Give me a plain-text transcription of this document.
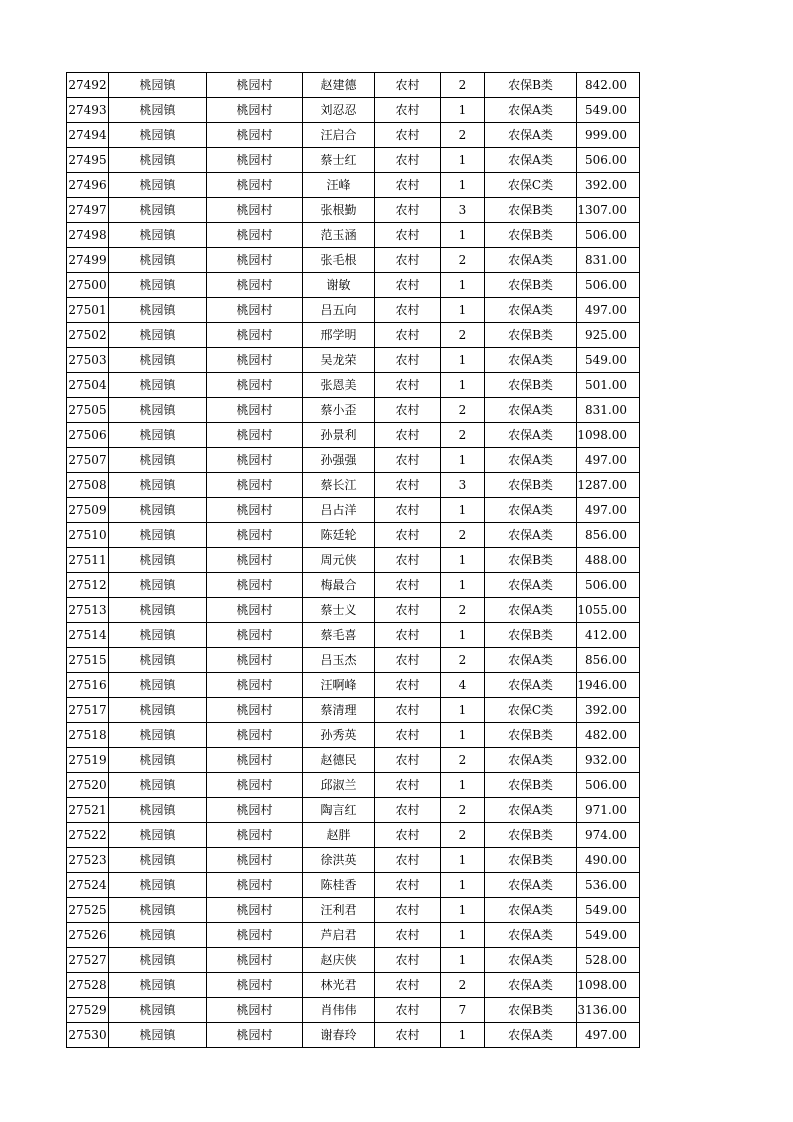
27492	桃园镇	桃园村	赵建德	农村	2	农保B类	842.00
27493	桃园镇	桃园村	刘忍忍	农村	1	农保A类	549.00
27494	桃园镇	桃园村	汪启合	农村	2	农保A类	999.00
27495	桃园镇	桃园村	蔡士红	农村	1	农保A类	506.00
27496	桃园镇	桃园村	汪峰	农村	1	农保C类	392.00
27497	桃园镇	桃园村	张根勤	农村	3	农保B类	1307.00
27498	桃园镇	桃园村	范玉涵	农村	1	农保B类	506.00
27499	桃园镇	桃园村	张毛根	农村	2	农保A类	831.00
27500	桃园镇	桃园村	谢敏	农村	1	农保B类	506.00
27501	桃园镇	桃园村	吕五向	农村	1	农保A类	497.00
27502	桃园镇	桃园村	邢学明	农村	2	农保B类	925.00
27503	桃园镇	桃园村	吴龙荣	农村	1	农保A类	549.00
27504	桃园镇	桃园村	张恩美	农村	1	农保B类	501.00
27505	桃园镇	桃园村	蔡小歪	农村	2	农保A类	831.00
27506	桃园镇	桃园村	孙景利	农村	2	农保A类	1098.00
27507	桃园镇	桃园村	孙强强	农村	1	农保A类	497.00
27508	桃园镇	桃园村	蔡长江	农村	3	农保B类	1287.00
27509	桃园镇	桃园村	吕占洋	农村	1	农保A类	497.00
27510	桃园镇	桃园村	陈廷轮	农村	2	农保A类	856.00
27511	桃园镇	桃园村	周元侠	农村	1	农保B类	488.00
27512	桃园镇	桃园村	梅最合	农村	1	农保A类	506.00
27513	桃园镇	桃园村	蔡士义	农村	2	农保A类	1055.00
27514	桃园镇	桃园村	蔡毛喜	农村	1	农保B类	412.00
27515	桃园镇	桃园村	吕玉杰	农村	2	农保A类	856.00
27516	桃园镇	桃园村	汪啊峰	农村	4	农保A类	1946.00
27517	桃园镇	桃园村	蔡清理	农村	1	农保C类	392.00
27518	桃园镇	桃园村	孙秀英	农村	1	农保B类	482.00
27519	桃园镇	桃园村	赵德民	农村	2	农保A类	932.00
27520	桃园镇	桃园村	邱淑兰	农村	1	农保B类	506.00
27521	桃园镇	桃园村	陶言红	农村	2	农保A类	971.00
27522	桃园镇	桃园村	赵胖	农村	2	农保B类	974.00
27523	桃园镇	桃园村	徐洪英	农村	1	农保B类	490.00
27524	桃园镇	桃园村	陈桂香	农村	1	农保A类	536.00
27525	桃园镇	桃园村	汪利君	农村	1	农保A类	549.00
27526	桃园镇	桃园村	芦启君	农村	1	农保A类	549.00
27527	桃园镇	桃园村	赵庆侠	农村	1	农保A类	528.00
27528	桃园镇	桃园村	林光君	农村	2	农保A类	1098.00
27529	桃园镇	桃园村	肖伟伟	农村	7	农保B类	3136.00
27530	桃园镇	桃园村	谢春玲	农村	1	农保A类	497.00
